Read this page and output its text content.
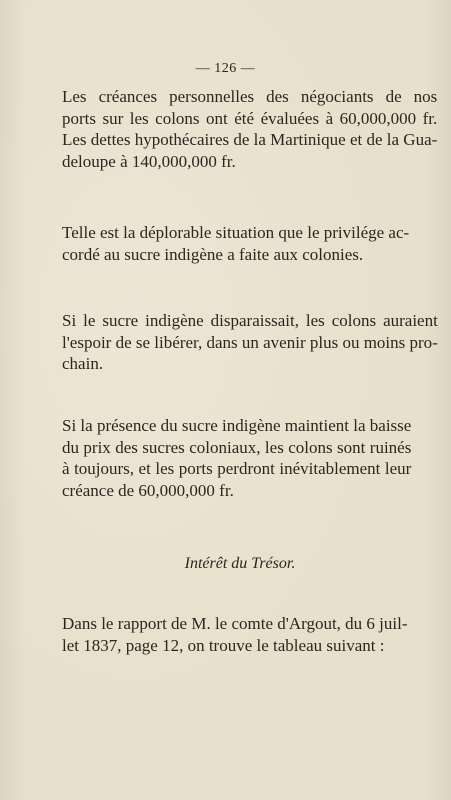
— 126 —
Les créances personnelles des négociants de nos
ports sur les colons ont été évaluées à 60,000,000 fr.
Les dettes hypothécaires de la Martinique et de la Gua-
deloupe à 140,000,000 fr.
Telle est la déplorable situation que le privilége ac-
cordé au sucre indigène a faite aux colonies.
Si le sucre indigène disparaissait, les colons auraient
l'espoir de se libérer, dans un avenir plus ou moins pro-
chain.
Si la présence du sucre indigène maintient la baisse
du prix des sucres coloniaux, les colons sont ruinés
à toujours, et les ports perdront inévitablement leur
créance de 60,000,000 fr.
Intérêt du Trésor.
Dans le rapport de M. le comte d'Argout, du 6 juil-
let 1837, page 12, on trouve le tableau suivant :
